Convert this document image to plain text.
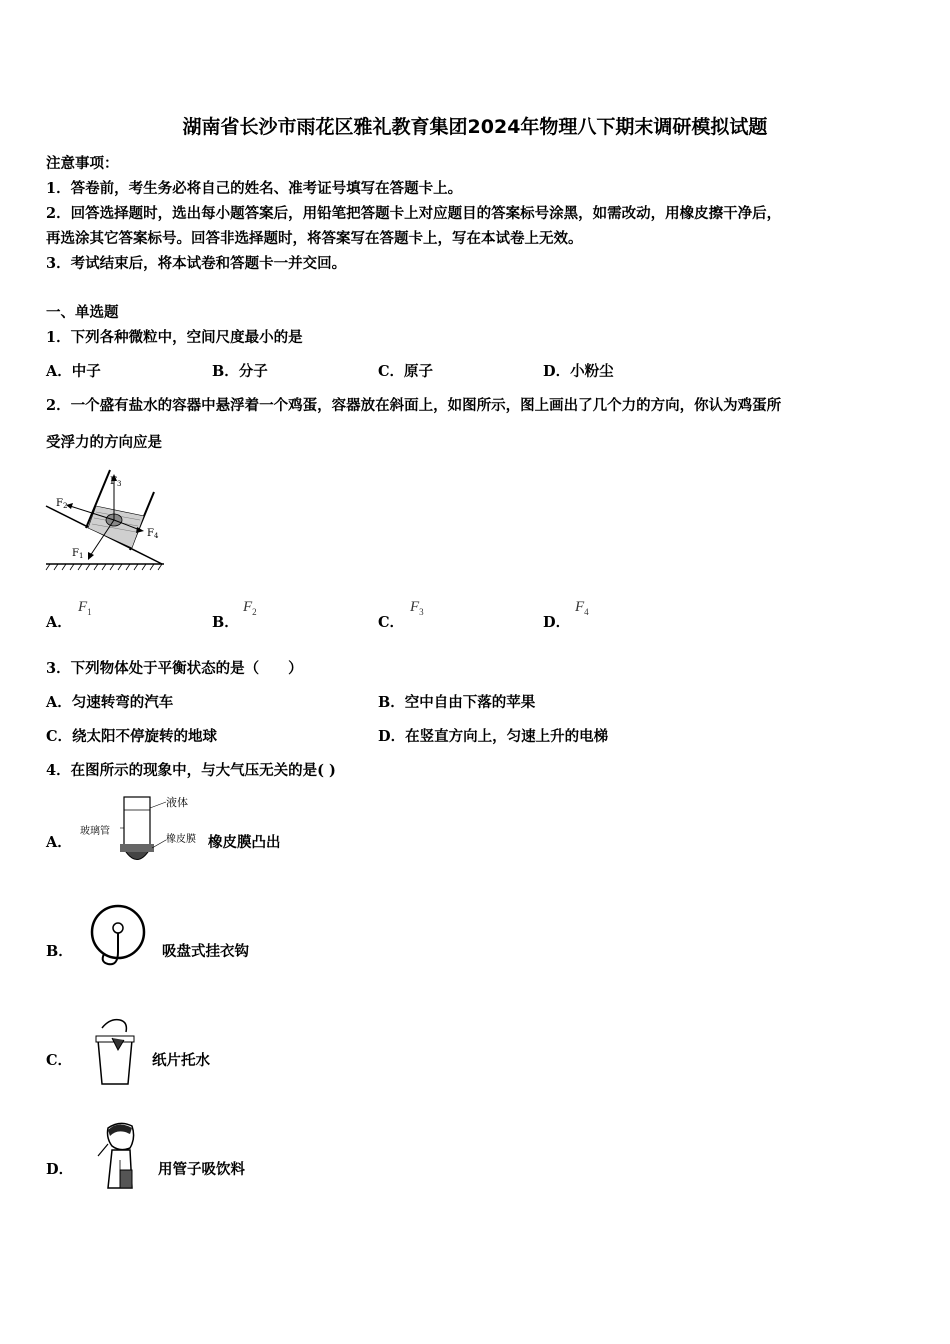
湖南省长沙市雨花区雅礼教育集团2024年物理八下期末调研模拟试题
注意事项：
1．答卷前，考生务必将自己的姓名、准考证号填写在答题卡上。
2．回答选择题时，选出每小题答案后，用铅笔把答题卡上对应题目的答案标号涂黑，如需改动，用橡皮擦干净后，
再选涂其它答案标号。回答非选择题时，将答案写在答题卡上，写在本试卷上无效。
3．考试结束后，将本试卷和答题卡一并交回。
一、单选题
1．下列各种微粒中，空间尺度最小的是
A．中子	B．分子	C．原子	D．小粉尘
2．一个盛有盐水的容器中悬浮着一个鸡蛋，容器放在斜面上，如图所示，图上画出了几个力的方向，你认为鸡蛋所
受浮力的方向应是
$F_3$
$F_2$
$F_4$
$F_1$
A．
$F_1$
B．
$F_2$
C．
$F_3$
D．
$F_4$
3．下列物体处于平衡状态的是（　　）
A．匀速转弯的汽车	B．空中自由下落的苹果
C．绕太阳不停旋转的地球	D．在竖直方向上，匀速上升的电梯
4．在图所示的现象中，与大气压无关的是( )
A．
液体
玻璃管
橡皮膜 橡皮膜凸出
B．	吸盘式挂衣钩
C．	纸片托水
D．	用管子吸饮料
